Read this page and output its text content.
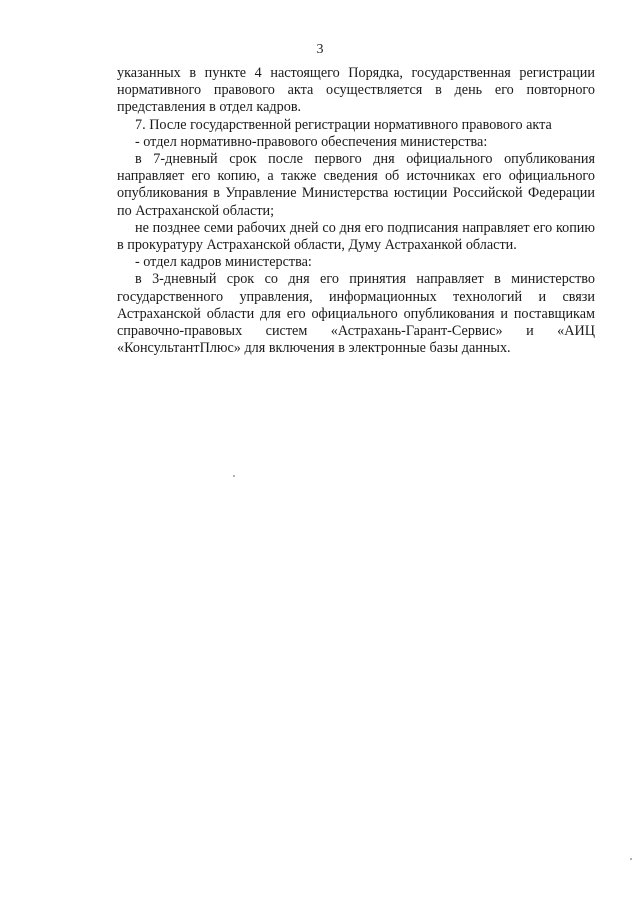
3

указанных в пункте 4 настоящего Порядка, государственная регистрации нормативного правового акта осуществляется в день его повторного представления в отдел кадров.

7. После государственной регистрации нормативного правового акта

- отдел нормативно-правового обеспечения министерства:

в 7-дневный срок после первого дня официального опубликования направляет его копию, а также сведения об источниках его официального опубликования в Управление Министерства юстиции Российской Федерации по Астраханской области;

не позднее семи рабочих дней со дня его подписания направляет его копию в прокуратуру Астраханской области, Думу Астраханкой области.

- отдел кадров министерства:

в 3-дневный срок со дня его принятия направляет в министерство государственного управления, информационных технологий и связи Астраханской области для его официального опубликования и поставщикам справочно-правовых систем «Астрахань-Гарант-Сервис» и «АИЦ «КонсультантПлюс» для включения в электронные базы данных.
